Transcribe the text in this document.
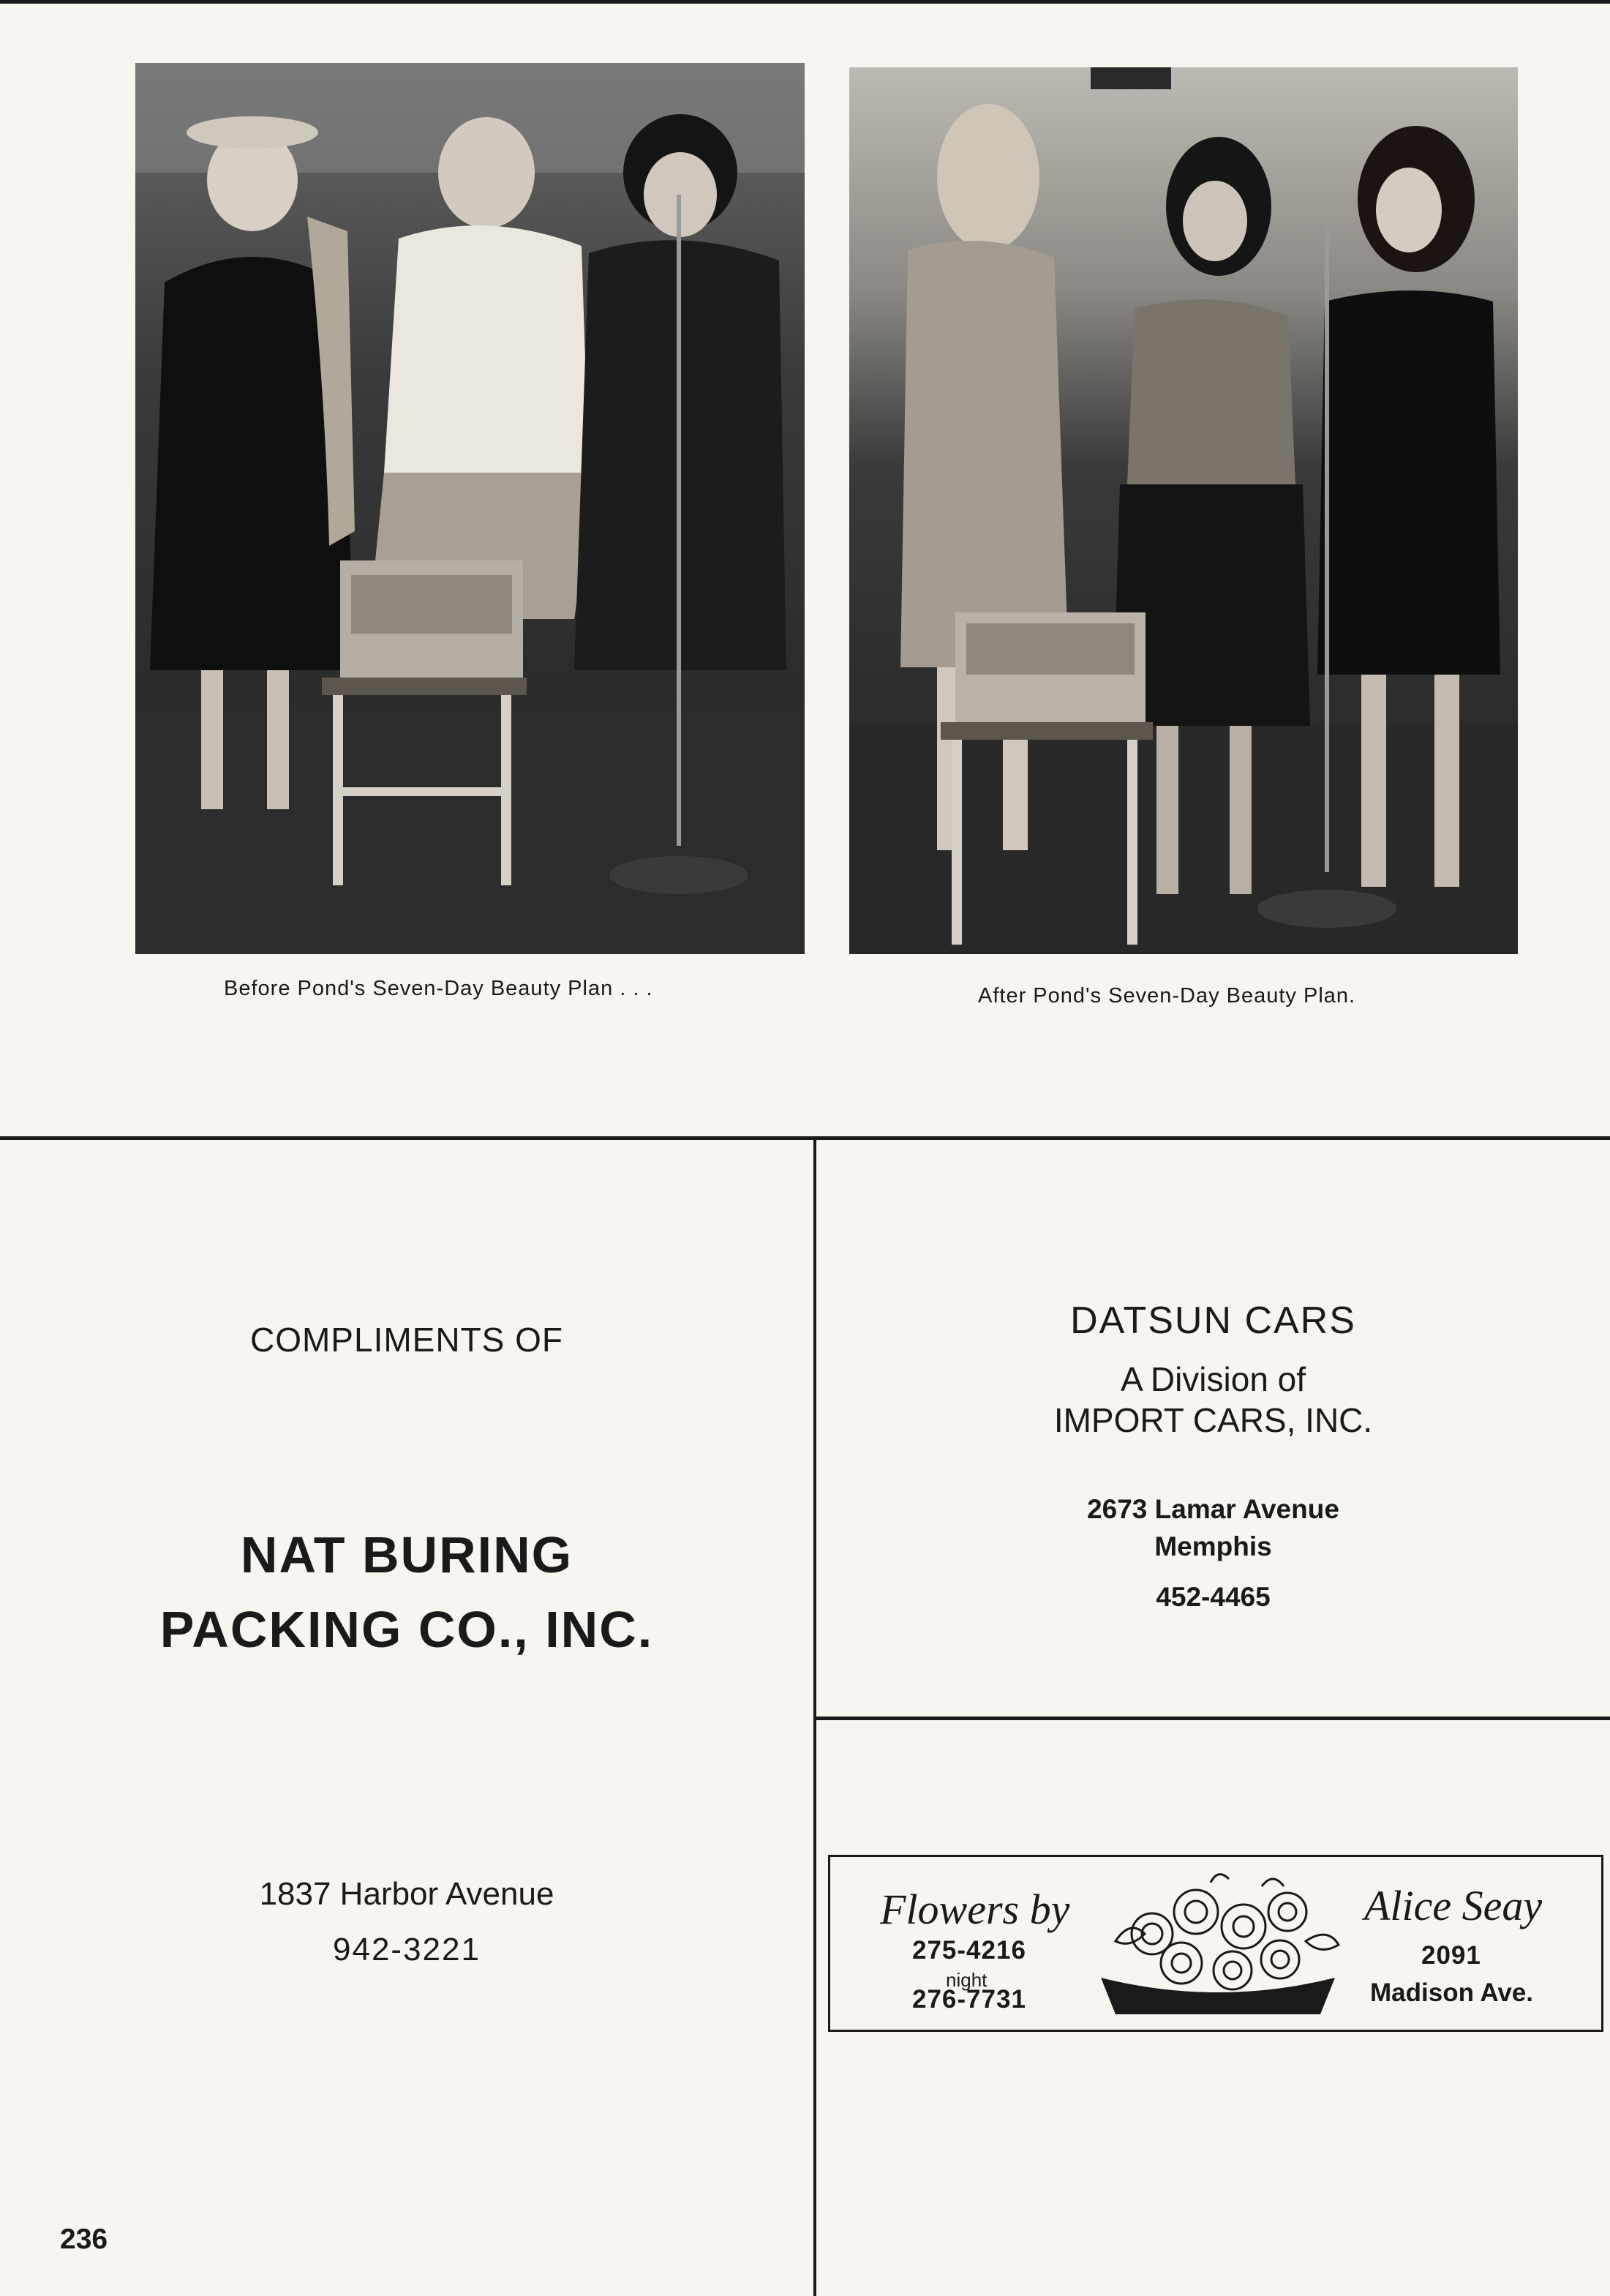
Before Pond's Seven-Day Beauty Plan . . .	After Pond's Seven-Day Beauty Plan.
COMPLIMENTS OF
NAT BURING
PACKING CO., INC.
1837 Harbor Avenue
942-3221
DATSUN CARS
A Division of
IMPORT CARS, INC.
2673 Lamar Avenue
Memphis
452-4465
Flowers by	Alice Seay
275-4216
night
276-7731
2091
Madison Ave.
236
